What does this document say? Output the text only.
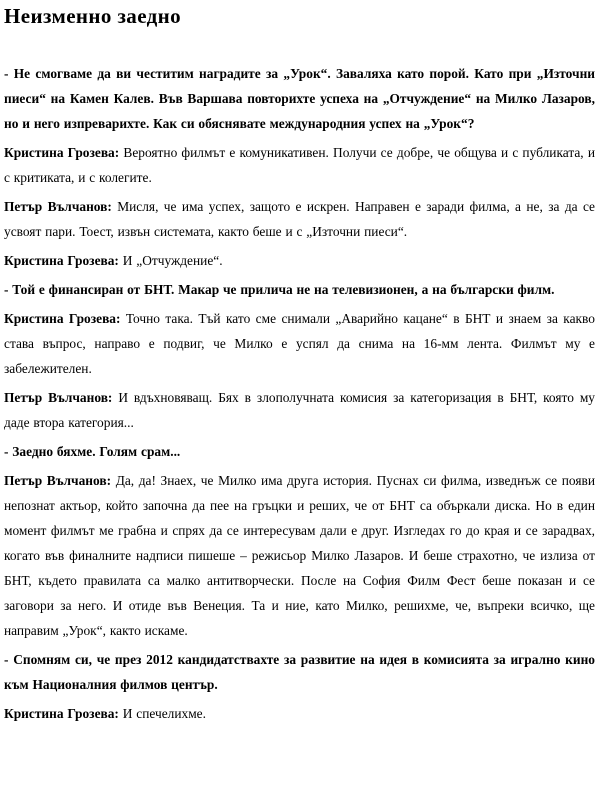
Неизменно заедно

- Не смогваме да ви честитим наградите за „Урок“. Заваляха като порой. Като при „Източни пиеси“ на Камен Калев. Във Варшава повторихте успеха на „Отчуждение“ на Милко Лазаров, но и него изпреварихте. Как си обяснявате международния успех на „Урок“?

Кристина Грозева: Вероятно филмът е комуникативен. Получи се добре, че общува и с публиката, и с критиката, и с колегите.

Петър Вълчанов: Мисля, че има успех, защото е искрен. Направен е заради филма, а не, за да се усвоят пари. Тоест, извън системата, както беше и с „Източни пиеси“.

Кристина Грозева: И „Отчуждение“.

- Той е финансиран от БНТ. Макар че прилича не на телевизионен, а на български филм.

Кристина Грозева: Точно така. Тъй като сме снимали „Аварийно кацане“ в БНТ и знаем за какво става въпрос, направо е подвиг, че Милко е успял да снима на 16-мм лента. Филмът му е забележителен.

Петър Вълчанов: И вдъхновяващ. Бях в злополучната комисия за категоризация в БНТ, която му даде втора категория...

- Заедно бяхме. Голям срам...

Петър Вълчанов: Да, да! Знаех, че Милко има друга история. Пуснах си филма, изведнъж се появи непознат актьор, който започна да пее на гръцки и реших, че от БНТ са объркали диска. Но в един момент филмът ме грабна и спрях да се интересувам дали е друг. Изгледах го до края и се зарадвах, когато във финалните надписи пишеше – режисьор Милко Лазаров. И беше страхотно, че излиза от БНТ, където правилата са малко антитворчески. После на София Филм Фест беше показан и се заговори за него. И отиде във Венеция. Та и ние, като Милко, решихме, че, въпреки всичко, ще направим „Урок“, както искаме.

- Спомням си, че през 2012 кандидатствахте за развитие на идея в комисията за игрално кино към Националния филмов център.

Кристина Грозева: И спечелихме.
